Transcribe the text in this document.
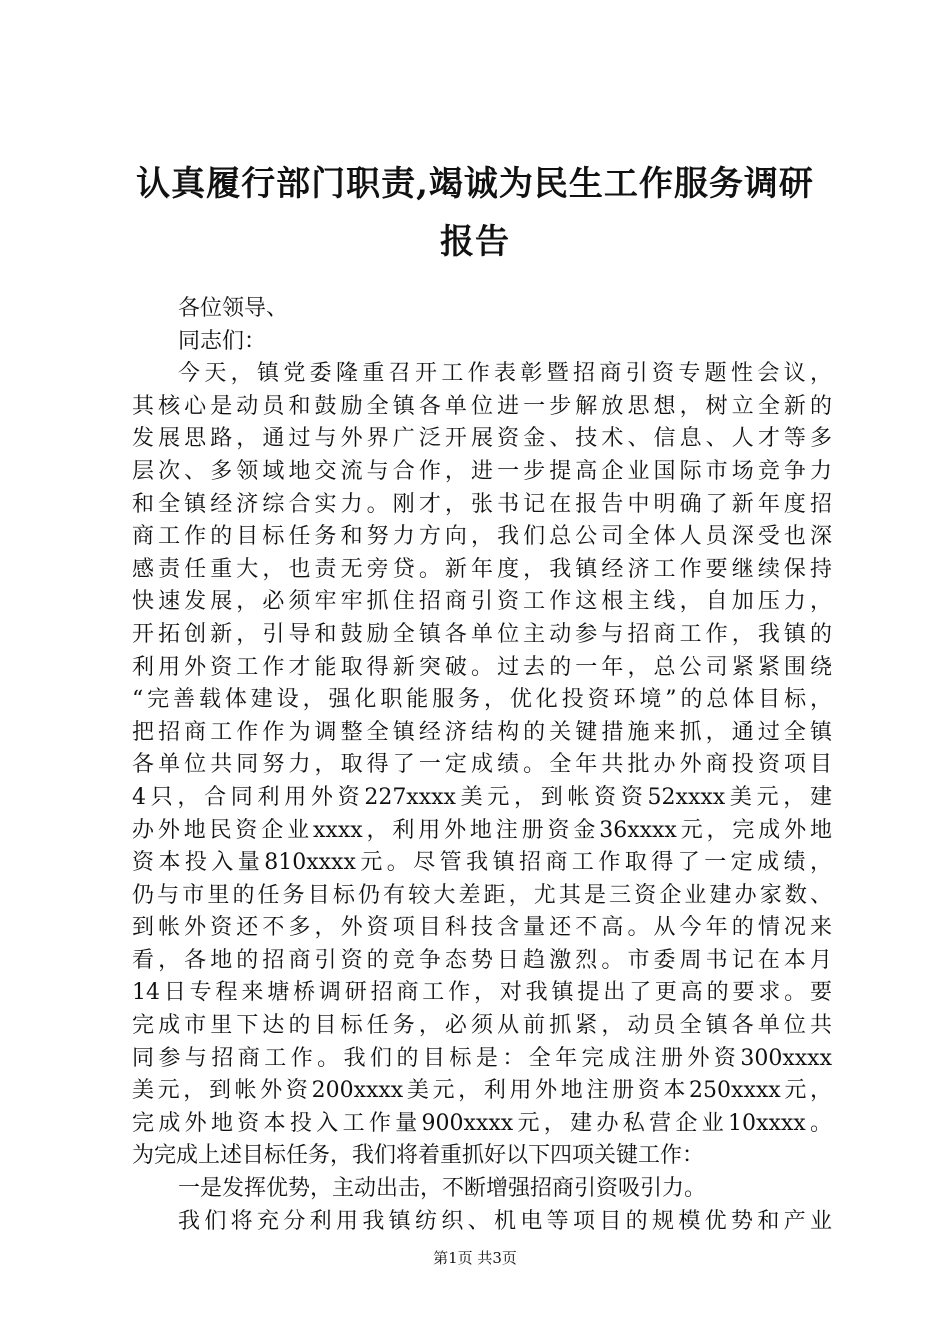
认真履行部门职责,竭诚为民生工作服务调研
报告
各位领导、
同志们：
今天，镇党委隆重召开工作表彰暨招商引资专题性会议，
其核心是动员和鼓励全镇各单位进一步解放思想，树立全新的
发展思路，通过与外界广泛开展资金、技术、信息、人才等多
层次、多领域地交流与合作，进一步提高企业国际市场竞争力
和全镇经济综合实力。刚才，张书记在报告中明确了新年度招
商工作的目标任务和努力方向，我们总公司全体人员深受也深
感责任重大，也责无旁贷。新年度，我镇经济工作要继续保持
快速发展，必须牢牢抓住招商引资工作这根主线，自加压力，
开拓创新，引导和鼓励全镇各单位主动参与招商工作，我镇的
利用外资工作才能取得新突破。过去的一年，总公司紧紧围绕
“完善载体建设，强化职能服务，优化投资环境”的总体目标，
把招商工作作为调整全镇经济结构的关键措施来抓，通过全镇
各单位共同努力，取得了一定成绩。全年共批办外商投资项目
4只，合同利用外资227xxxx美元，到帐资资52xxxx美元，建
办外地民资企业xxxx，利用外地注册资金36xxxx元，完成外地
资本投入量810xxxx元。尽管我镇招商工作取得了一定成绩，
仍与市里的任务目标仍有较大差距，尤其是三资企业建办家数、
到帐外资还不多，外资项目科技含量还不高。从今年的情况来
看，各地的招商引资的竞争态势日趋激烈。市委周书记在本月
14日专程来塘桥调研招商工作，对我镇提出了更高的要求。要
完成市里下达的目标任务，必须从前抓紧，动员全镇各单位共
同参与招商工作。我们的目标是：全年完成注册外资300xxxx
美元，到帐外资200xxxx美元，利用外地注册资本250xxxx元，
完成外地资本投入工作量900xxxx元，建办私营企业10xxxx。
为完成上述目标任务，我们将着重抓好以下四项关键工作：
一是发挥优势，主动出击，不断增强招商引资吸引力。
我们将充分利用我镇纺织、机电等项目的规模优势和产业
第1页 共3页
